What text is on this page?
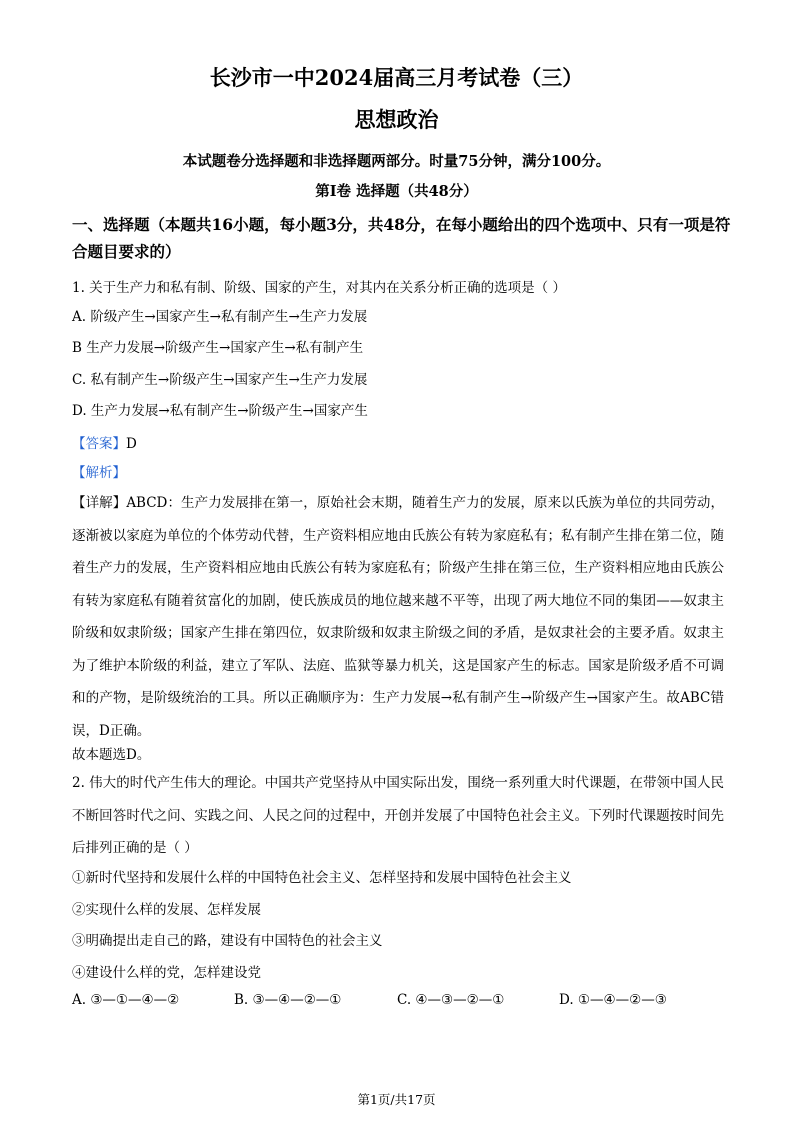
长沙市一中2024届高三月考试卷（三）
思想政治
本试题卷分选择题和非选择题两部分。时量75分钟，满分100分。
第Ⅰ卷 选择题（共48分）
一、选择题（本题共16小题，每小题3分，共48分，在每小题给出的四个选项中、只有一项是符合题目要求的）
1. 关于生产力和私有制、阶级、国家的产生，对其内在关系分析正确的选项是（ ）
A. 阶级产生→国家产生→私有制产生→生产力发展
B 生产力发展→阶级产生→国家产生→私有制产生
C. 私有制产生→阶级产生→国家产生→生产力发展
D. 生产力发展→私有制产生→阶级产生→国家产生
【答案】D
【解析】
【详解】ABCD：生产力发展排在第一，原始社会末期，随着生产力的发展，原来以氏族为单位的共同劳动，逐渐被以家庭为单位的个体劳动代替，生产资料相应地由氏族公有转为家庭私有；私有制产生排在第二位，随着生产力的发展，生产资料相应地由氏族公有转为家庭私有；阶级产生排在第三位，生产资料相应地由氏族公有转为家庭私有随着贫富化的加剧，使氏族成员的地位越来越不平等，出现了两大地位不同的集团——奴隶主阶级和奴隶阶级；国家产生排在第四位，奴隶阶级和奴隶主阶级之间的矛盾，是奴隶社会的主要矛盾。奴隶主为了维护本阶级的利益，建立了军队、法庭、监狱等暴力机关，这是国家产生的标志。国家是阶级矛盾不可调和的产物，是阶级统治的工具。所以正确顺序为：生产力发展→私有制产生→阶级产生→国家产生。故ABC错误，D正确。
故本题选D。
2. 伟大的时代产生伟大的理论。中国共产党坚持从中国实际出发，围绕一系列重大时代课题，在带领中国人民不断回答时代之问、实践之问、人民之问的过程中，开创并发展了中国特色社会主义。下列时代课题按时间先后排列正确的是（ ）
①新时代坚持和发展什么样的中国特色社会主义、怎样坚持和发展中国特色社会主义
②实现什么样的发展、怎样发展
③明确提出走自己的路，建设有中国特色的社会主义
④建设什么样的党，怎样建设党
A. ③—①—④—②	B. ③—④—②—①	C. ④—③—②—①	D. ①—④—②—③
第1页/共17页
